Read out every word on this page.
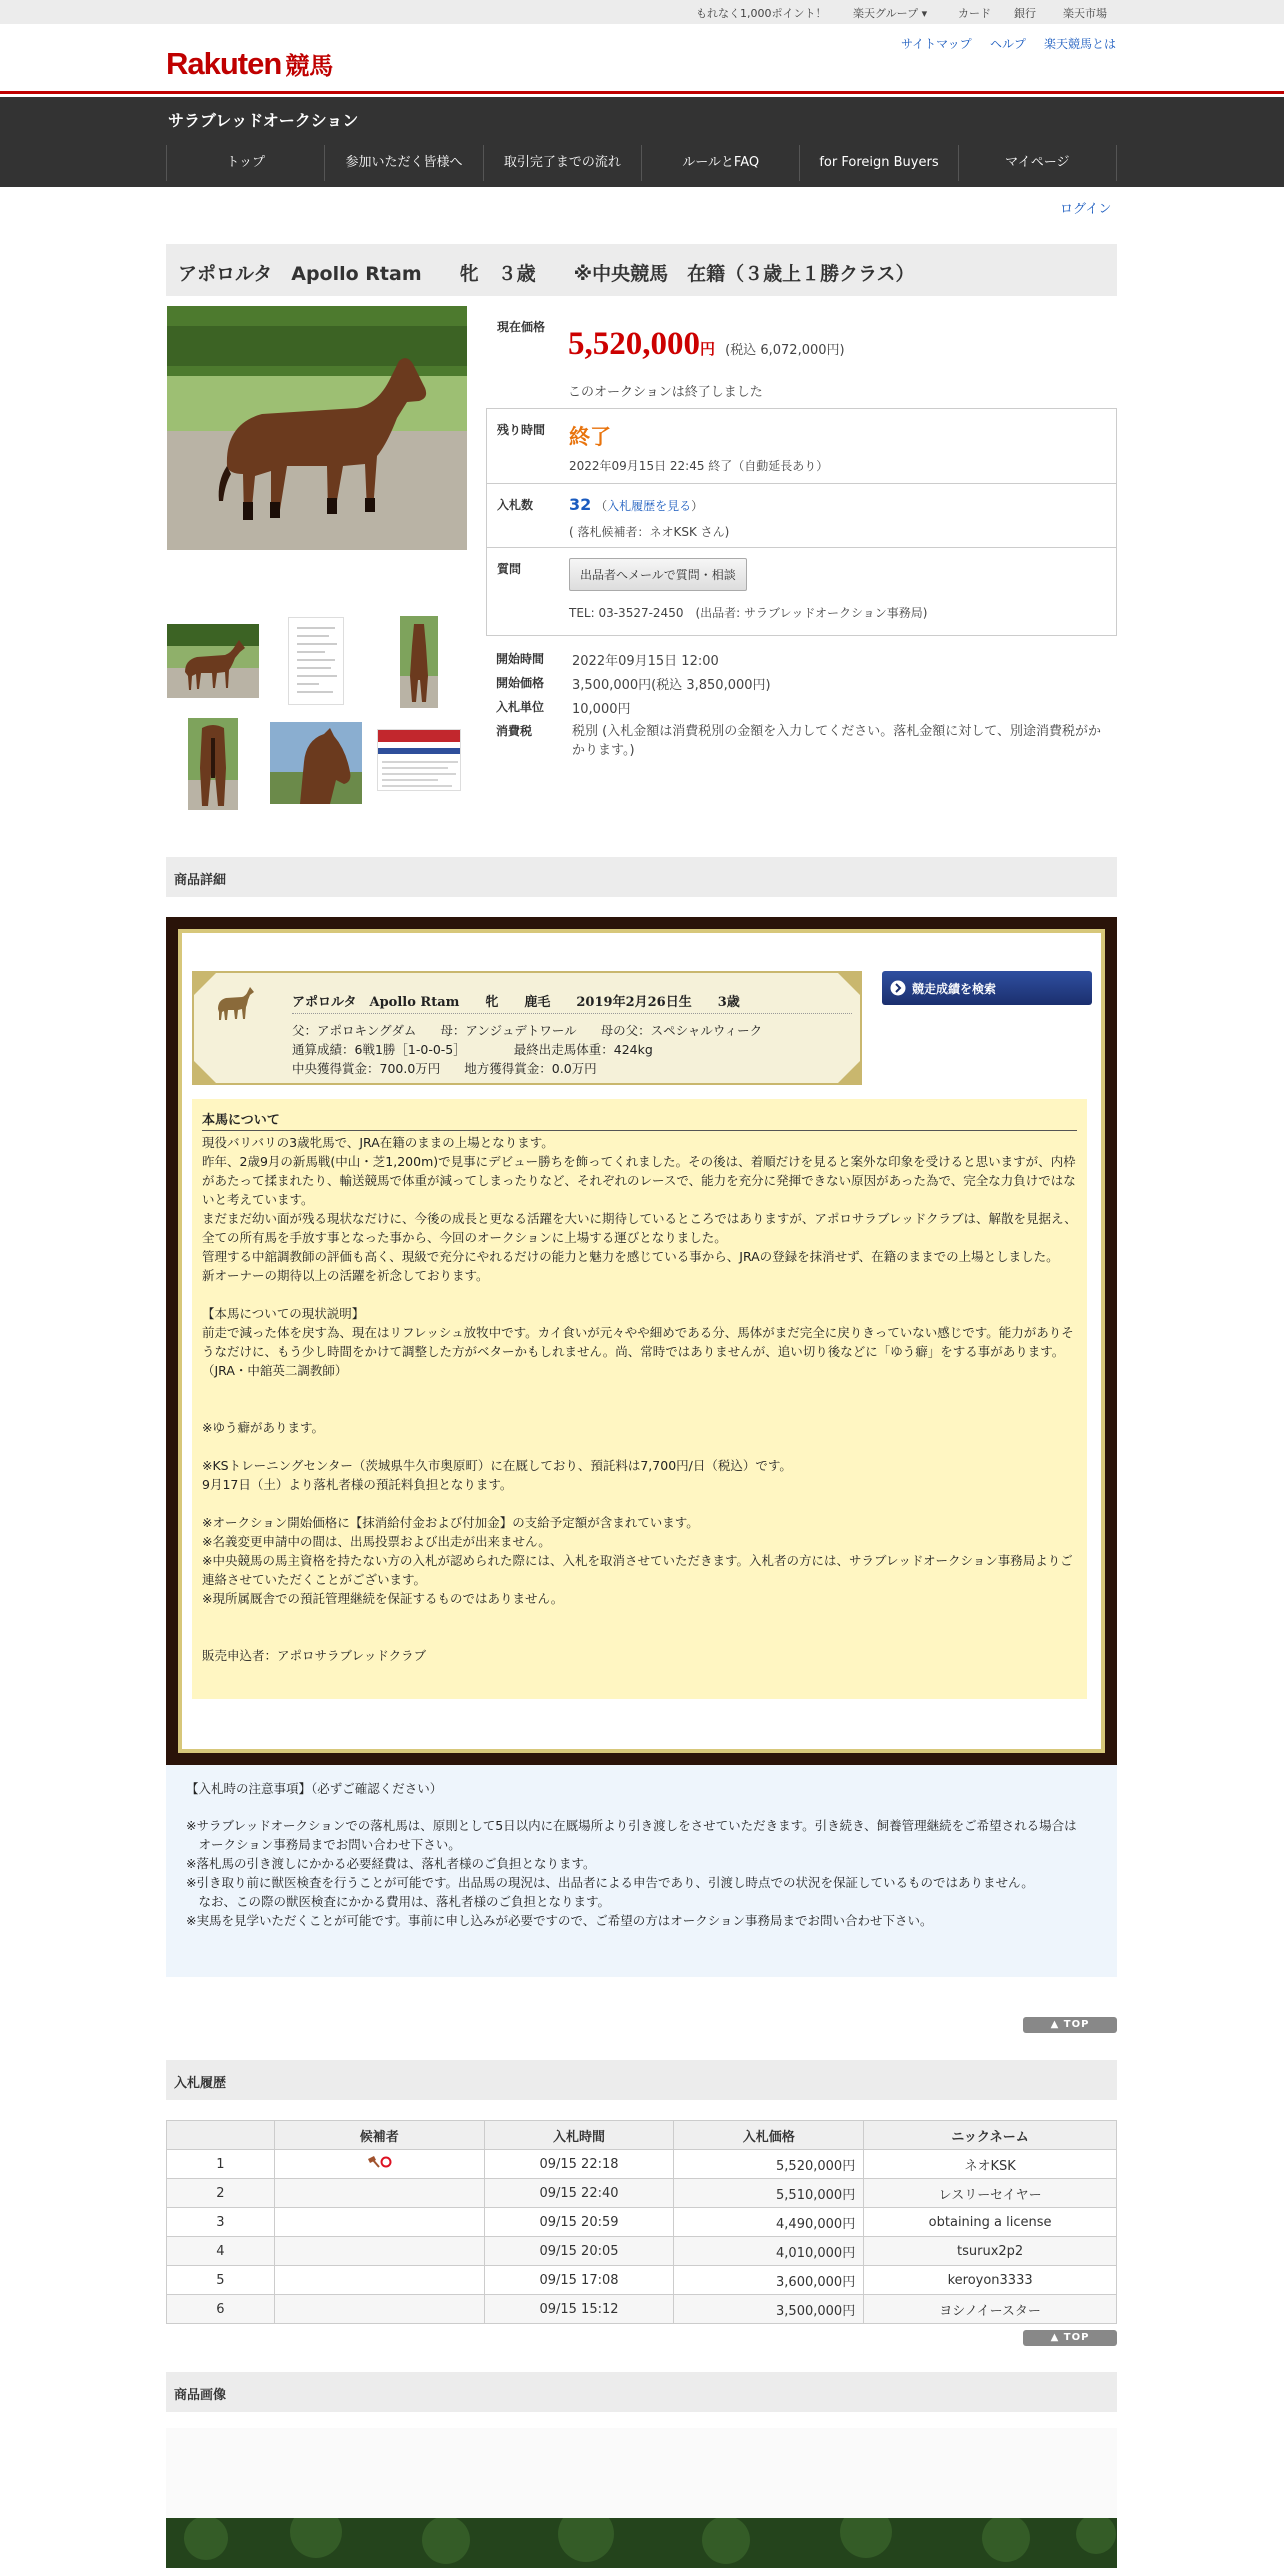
もれなく1,000ポイント！ 楽天グループ ▾	カード 銀行 楽天市場
Rakuten 競馬
サイトマップ ヘルプ 楽天競馬とは
サラブレッドオークション
トップ	参加いただく皆様へ	取引完了までの流れ	ルールとFAQ	for Foreign Buyers	マイページ
ログイン
アポロルタ　Apollo Rtam　　牝　３歳　　※中央競馬　在籍（３歳上１勝クラス）
現在価格 5,520,000円 (税込 6,072,000円)
このオークションは終了しました
残り時間 終了
2022年09月15日 22:45 終了（自動延長あり）
入札数 32 （入札履歴を見る）
( 落札候補者：ネオKSK さん)
質問	出品者へメールで質問・相談
TEL: 03-3527-2450　(出品者: サラブレッドオークション事務局)
開始時間 2022年09月15日 12:00
開始価格 3,500,000円(税込 3,850,000円)
入札単位 10,000円
消費税	税別 (入札金額は消費税別の金額を入力してください。落札金額に対して、別途消費税がかかります。)
商品詳細
アポロルタ　Apollo Rtam　　牝　　鹿毛　　2019年2月26日生　　3歳
父：アポロキングダム 母：アンジュデトワール 母の父：スペシャルウィーク
通算成績：6戦1勝［1-0-0-5］	最終出走馬体重：424kg
中央獲得賞金：700.0万円 地方獲得賞金：0.0万円
競走成績を検索
本馬について
現役バリバリの3歳牝馬で、JRA在籍のままの上場となります。
昨年、2歳9月の新馬戦(中山・芝1,200m)で見事にデビュー勝ちを飾ってくれました。その後は、着順だけを見ると案外な印象を受けると思いますが、内枠があたって揉まれたり、輸送競馬で体重が減ってしまったりなど、それぞれのレースで、能力を充分に発揮できない原因があった為で、完全な力負けではないと考えています。
まだまだ幼い面が残る現状なだけに、今後の成長と更なる活躍を大いに期待しているところではありますが、アポロサラブレッドクラブは、解散を見据え、全ての所有馬を手放す事となった事から、今回のオークションに上場する運びとなりました。
管理する中舘調教師の評価も高く、現級で充分にやれるだけの能力と魅力を感じている事から、JRAの登録を抹消せず、在籍のままでの上場としました。
新オーナーの期待以上の活躍を祈念しております。
【本馬についての現状説明】
前走で減った体を戻す為、現在はリフレッシュ放牧中です。カイ食いが元々やや細めである分、馬体がまだ完全に戻りきっていない感じです。能力がありそうなだけに、もう少し時間をかけて調整した方がベターかもしれません。尚、常時ではありませんが、追い切り後などに「ゆう癖」をする事があります。（JRA・中舘英二調教師）
※ゆう癖があります。

※KSトレーニングセンター（茨城県牛久市奥原町）に在厩しており、預託料は7,700円/日（税込）です。
9月17日（土）より落札者様の預託料負担となります。

※オークション開始価格に【抹消給付金および付加金】の支給予定額が含まれています。
※名義変更申請中の間は、出馬投票および出走が出来ません。
※中央競馬の馬主資格を持たない方の入札が認められた際には、入札を取消させていただきます。入札者の方には、サラブレッドオークション事務局よりご連絡させていただくことがございます。
※現所属厩舎での預託管理継続を保証するものではありません。
販売申込者：アポロサラブレッドクラブ
【入札時の注意事項】（必ずご確認ください）
※サラブレッドオークションでの落札馬は、原則として5日以内に在厩場所より引き渡しをさせていただきます。引き続き、飼養管理継続をご希望される場合は
　オークション事務局までお問い合わせ下さい。
※落札馬の引き渡しにかかる必要経費は、落札者様のご負担となります。
※引き取り前に獣医検査を行うことが可能です。出品馬の現況は、出品者による申告であり、引渡し時点での状況を保証しているものではありません。
　なお、この際の獣医検査にかかる費用は、落札者様のご負担となります。
※実馬を見学いただくことが可能です。事前に申し込みが必要ですので、ご希望の方はオークション事務局までお問い合わせ下さい。
▲ TOP
入札履歴
	候補者	入札時間	入札価格	ニックネーム
1		09/15 22:18	5,520,000円	ネオKSK
2		09/15 22:40	5,510,000円	レスリーセイヤー
3		09/15 20:59	4,490,000円	obtaining a license
4		09/15 20:05	4,010,000円	tsurux2p2
5		09/15 17:08	3,600,000円	keroyon3333
6		09/15 15:12	3,500,000円	ヨシノイースター
▲ TOP
商品画像
